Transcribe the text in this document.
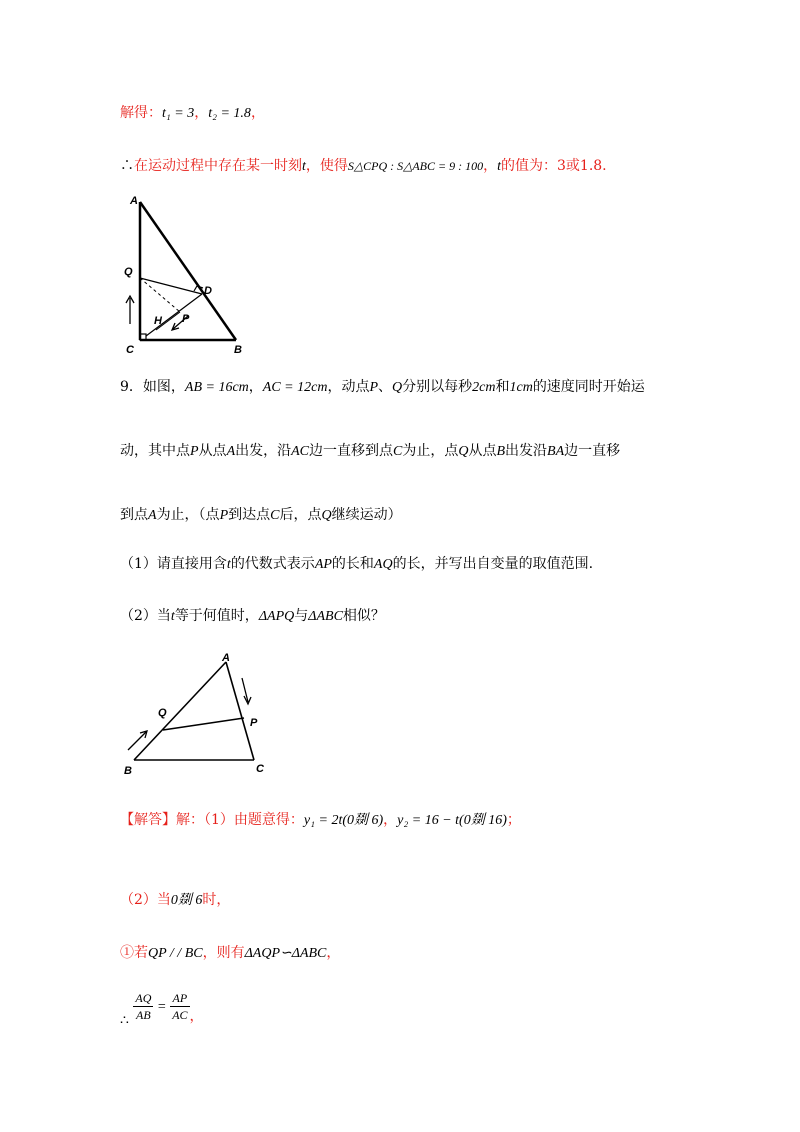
解得：t₁ = 3，t₂ = 1.8，
∴在运动过程中存在某一时刻t，使得S△CPQ : S△ABC = 9 : 100，t的值为：3或1.8.
A
Q
D
H P
C	B
9．如图，AB = 16cm，AC = 12cm，动点P、Q分别以每秒2cm和1cm的速度同时开始运
动，其中点P从点A出发，沿AC边一直移到点C为止，点Q从点B出发沿BA边一直移
到点A为止，（点P到达点C后，点Q继续运动）
（1）请直接用含t的代数式表示AP的长和AQ的长，并写出自变量的取值范围.
（2）当t等于何值时，ΔAPQ与ΔABC相似？
A
Q
P
B	C
【解答】解：（1）由题意得：y₁ = 2t(0剟 6)，y₂ = 16 − t(0剟 16)；
（2）当0剟 6时，
①若QP / / BC，则有ΔAQP∽ΔABC，
∴ $\frac{AQ}{AB} = \frac{AP}{AC}$ ，
